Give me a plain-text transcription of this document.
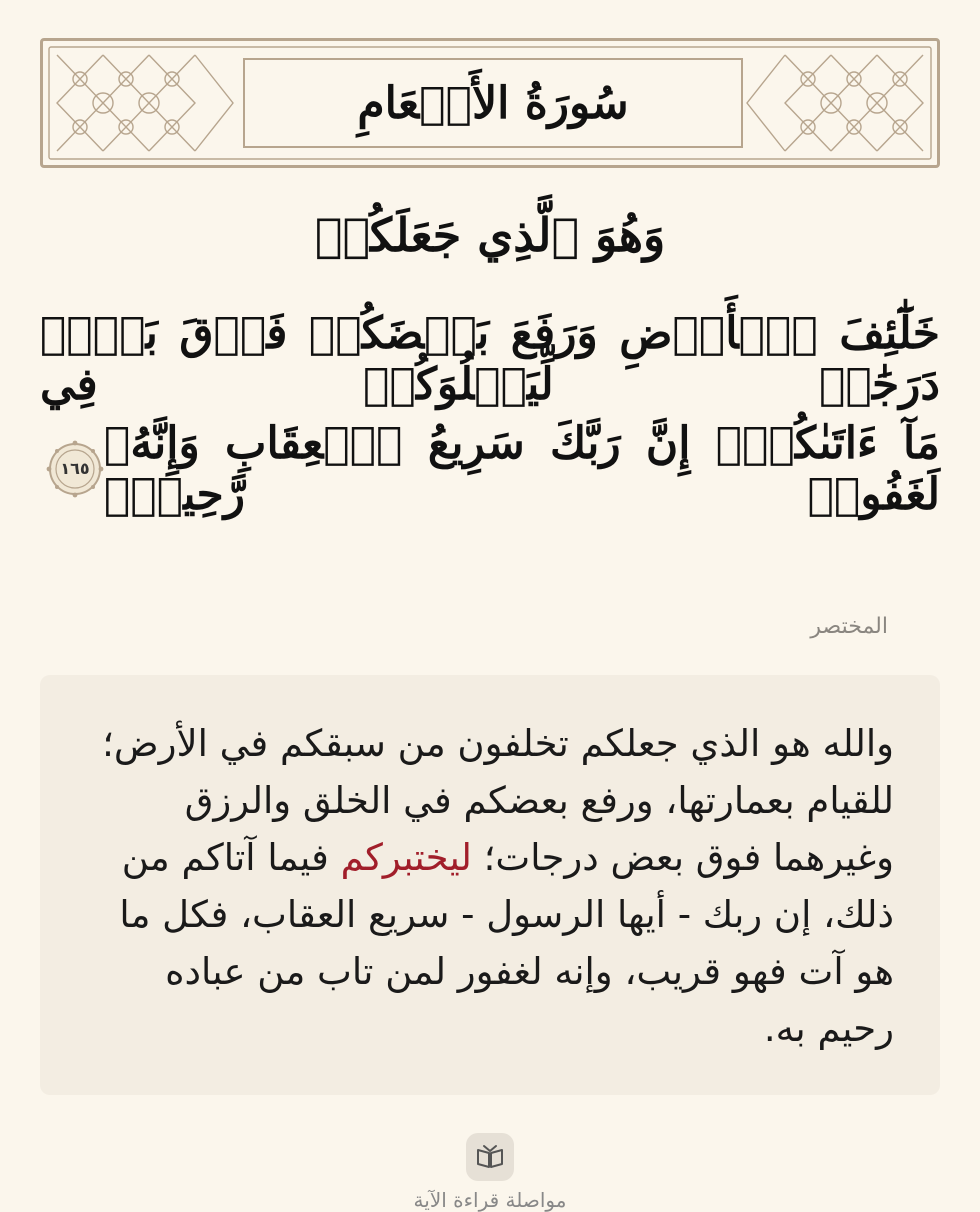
سُورَةُ الأَنۡعَامِ
وَهُوَ ٱلَّذِي جَعَلَكُمۡ
خَلَٰٓئِفَ ٱلۡأَرۡضِ وَرَفَعَ بَعۡضَكُمۡ فَوۡقَ بَعۡضٖ دَرَجَٰتٖ لِّيَبۡلُوَكُمۡ فِي
مَآ ءَاتَىٰكُمۡۗ إِنَّ رَبَّكَ سَرِيعُ ٱلۡعِقَابِ وَإِنَّهُۥ لَغَفُورٞ رَّحِيمُۢ
١٦٥
المختصر

والله هو الذي جعلكم تخلفون من سبقكم في الأرض؛ للقيام بعمارتها، ورفع بعضكم في الخلق والرزق وغيرهما فوق بعض درجات؛ ليختبركم فيما آتاكم من ذلك، إن ربك - أيها الرسول - سريع العقاب، فكل ما هو آت فهو قريب، وإنه لغفور لمن تاب من عباده رحيم به.

مواصلة قراءة الآية
